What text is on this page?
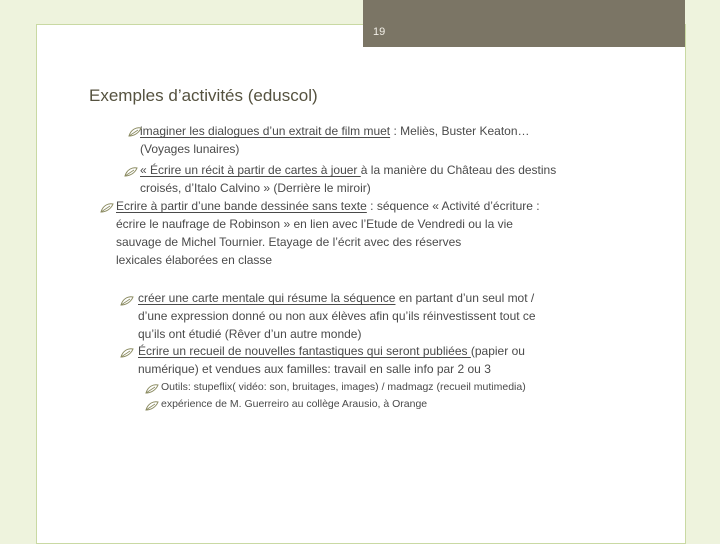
19
Exemples d’activités (eduscol)
imaginer les dialogues d’un extrait de film muet : Meliès, Buster Keaton…
(Voyages lunaires)
« Écrire un récit à partir de cartes à jouer à la manière du Château des destins
croisés, d’Italo Calvino » (Derrière le miroir)
Ecrire à partir d’une bande dessinée sans texte : séquence « Activité d’écriture :
écrire le naufrage de Robinson » en lien avec l’Etude de Vendredi ou la vie
sauvage de Michel Tournier. Etayage de l’écrit avec des réserves
lexicales élaborées en classe
créer une carte mentale qui résume la séquence en partant d’un seul mot /
d’une expression donné ou non aux élèves afin qu’ils réinvestissent tout ce
qu’ils ont étudié (Rêver d’un autre monde)
Écrire un recueil de nouvelles fantastiques qui seront publiées (papier ou
numérique) et vendues aux familles: travail en salle info par 2 ou 3
Outils: stupeflix( vidéo: son, bruitages, images) / madmagz (recueil mutimedia)
expérience de M. Guerreiro au collège Arausio, à Orange
